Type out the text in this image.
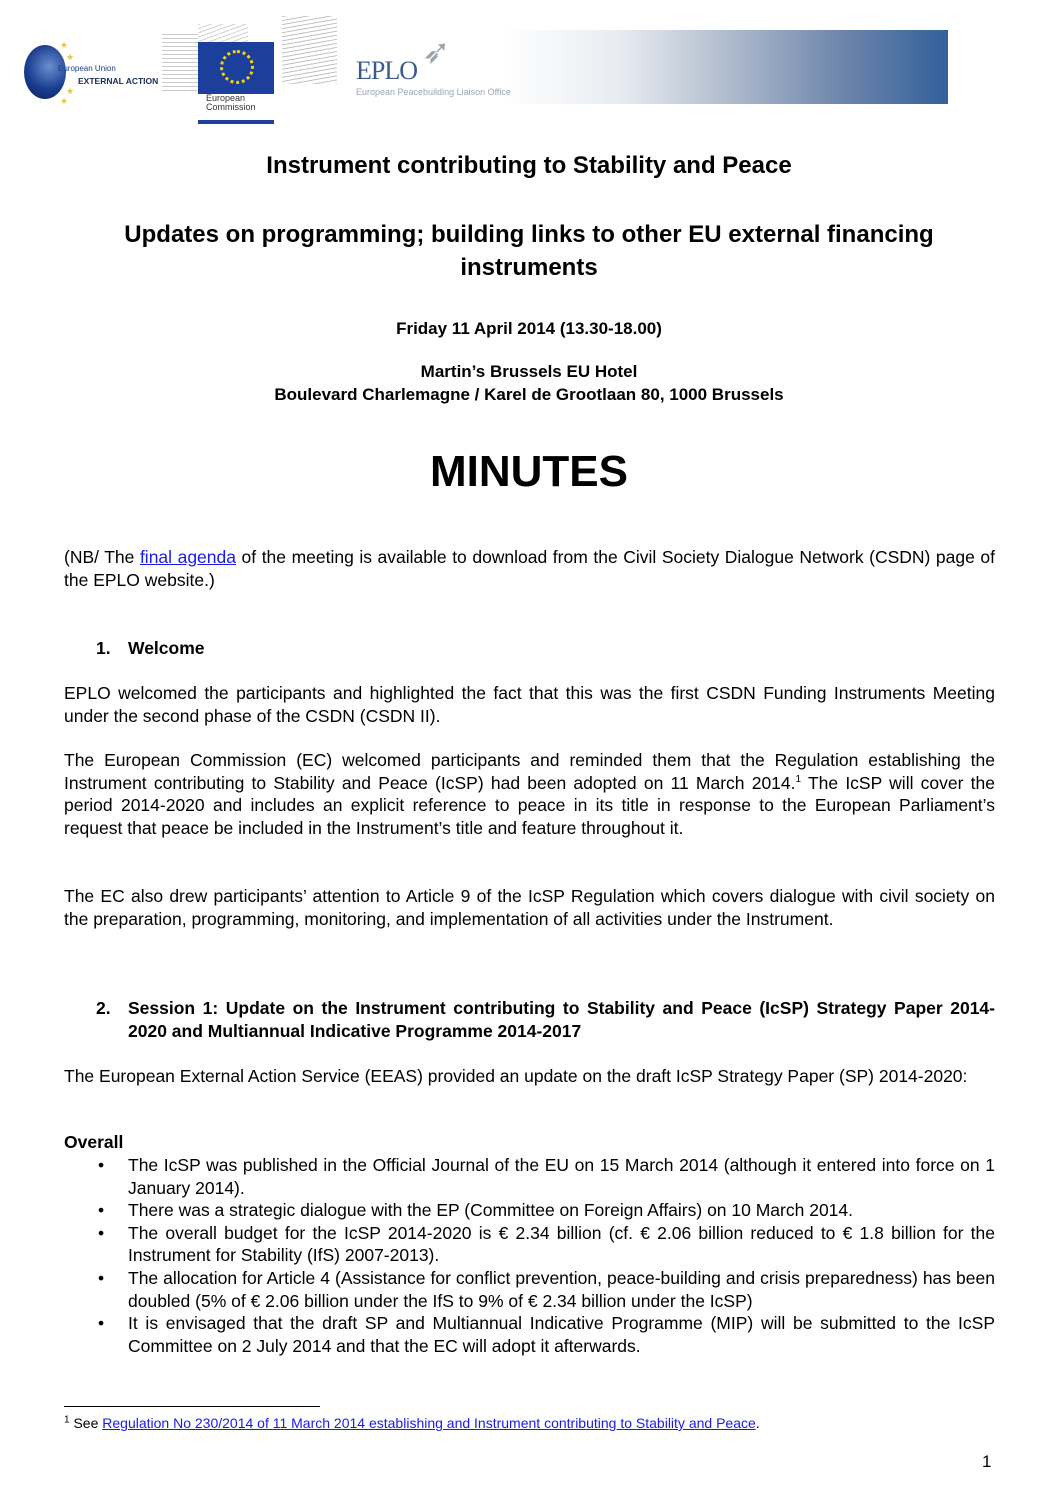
★
★
★
★
European Union
EXTERNAL ACTION
European
Commission
➶
EPLO
European Peacebuilding Liaison Office
Instrument contributing to Stability and Peace
Updates on programming; building links to other EU external financing instruments
Friday 11 April 2014 (13.30-18.00)
Martin’s Brussels EU Hotel
Boulevard Charlemagne / Karel de Grootlaan 80, 1000 Brussels
MINUTES
(NB/ The final agenda of the meeting is available to download from the Civil Society Dialogue Network (CSDN) page of the EPLO website.)
1. Welcome
EPLO welcomed the participants and highlighted the fact that this was the first CSDN Funding Instruments Meeting under the second phase of the CSDN (CSDN II).
The European Commission (EC) welcomed participants and reminded them that the Regulation establishing the Instrument contributing to Stability and Peace (IcSP) had been adopted on 11 March 2014.$^1$ The IcSP will cover the period 2014-2020 and includes an explicit reference to peace in its title in response to the European Parliament’s request that peace be included in the Instrument’s title and feature throughout it.
The EC also drew participants’ attention to Article 9 of the IcSP Regulation which covers dialogue with civil society on the preparation, programming, monitoring, and implementation of all activities under the Instrument.
2. Session 1: Update on the Instrument contributing to Stability and Peace (IcSP) Strategy Paper 2014-2020 and Multiannual Indicative Programme 2014-2017
The European External Action Service (EEAS) provided an update on the draft IcSP Strategy Paper (SP) 2014-2020:
Overall
• The IcSP was published in the Official Journal of the EU on 15 March 2014 (although it entered into force on 1 January 2014).
• There was a strategic dialogue with the EP (Committee on Foreign Affairs) on 10 March 2014.
• The overall budget for the IcSP 2014-2020 is € 2.34 billion (cf. € 2.06 billion reduced to € 1.8 billion for the Instrument for Stability (IfS) 2007-2013).
• The allocation for Article 4 (Assistance for conflict prevention, peace-building and crisis preparedness) has been doubled (5% of € 2.06 billion under the IfS to 9% of € 2.34 billion under the IcSP)
• It is envisaged that the draft SP and Multiannual Indicative Programme (MIP) will be submitted to the IcSP Committee on 2 July 2014 and that the EC will adopt it afterwards.
$^1$ See Regulation No 230/2014 of 11 March 2014 establishing and Instrument contributing to Stability and Peace.
1
